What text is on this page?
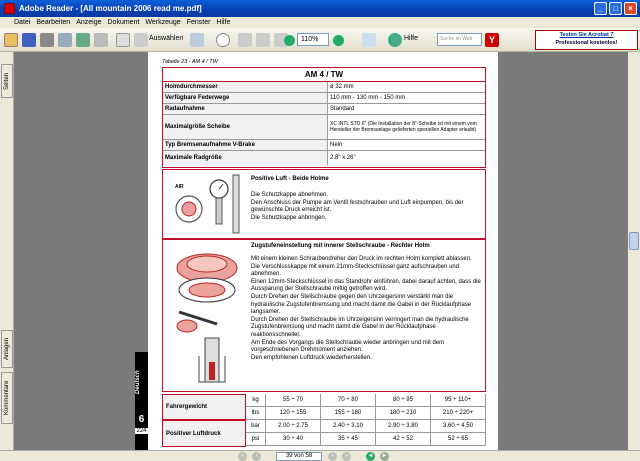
Adobe Reader - [All mountain 2006 read me.pdf]	_	□	×
Datei Bearbeiten Anzeige Dokument Werkzeuge Fenster Hilfe
Auswählen	110%	Hilfe	Suche im Web	Y	Testen Sie Acrobat 7
Professional kostenlos!
Seiten
Anlagen
Kommentare
Tabelle 23 - AM 4 / TW
AM 4 / TW
Holmdurchmesser	ø 32 mm
Verfügbare Federwege	110 mm - 130 mm - 150 mm
Radaufnahme	Standard
Maximalgröße Scheibe	XC INTL STD 6" (Die Installation der 8"-Scheibe ist mit einem vom Hersteller der Bremsanlage gelieferten speziellen Adapter erlaubt)
Typ Bremsenaufnahme V-Brake	Nein
Maximale Radgröße	2.8" x 26"
AIR
Positive Luft - Beide Holme
Die Schutzkappe abnehmen.
Den Anschluss der Pumpe am Ventil festschrauben und Luft einpumpen, bis der gewünschte Druck erreicht ist.
Die Schutzkappe anbringen.
Zugstufeneinstellung mit innerer Stellschraube - Rechter Holm
Mit einem kleinen Schraubendreher den Druck im rechten Holm komplett ablassen.
Die Verschlusskappe mit einem 21mm-Steckschlüssel ganz aufschrauben und abnehmen.
Einen 12mm-Steckschlüssel in das Standrohr einführen, dabei darauf achten, dass die Aussparung der Stellschraube mittig getroffen wird.
Durch Drehen der Stellschraube gegen den Uhrzeigersinn verstärkt man die hydraulische Zugstufenbremsung und macht damit die Gabel in der Rücklaufphase langsamer.
Durch Drehen der Stellschraube im Uhrzeigersinn verringert man die hydraulische Zugstufenbremsung und macht damit die Gabel in der Rücklaufphase reaktionsschneller.
Am Ende des Vorgangs die Stellschraube wieder anbringen und mit dem vorgeschriebenen Drehmoment anziehen.
Den empfohlenen Luftdruck wiederherstellen.
Deutsch
6
224
Fahrergewicht
Positiver Luftdruck
kg	55 ÷ 70	70 ÷ 80	80 ÷ 95	95 ÷ 110+
lbs	120 ÷ 155	155 ÷ 180	180 ÷ 210	210 ÷ 220+
bar	2.00 ÷ 2.75	2.40 ÷ 3.10	2.90 ÷ 3.80	3.60 ÷ 4.50
psi	30 ÷ 40	35 ÷ 45	42 ÷ 52	52 ÷ 65
«	‹	39 von 58	›	»	◄ ►
